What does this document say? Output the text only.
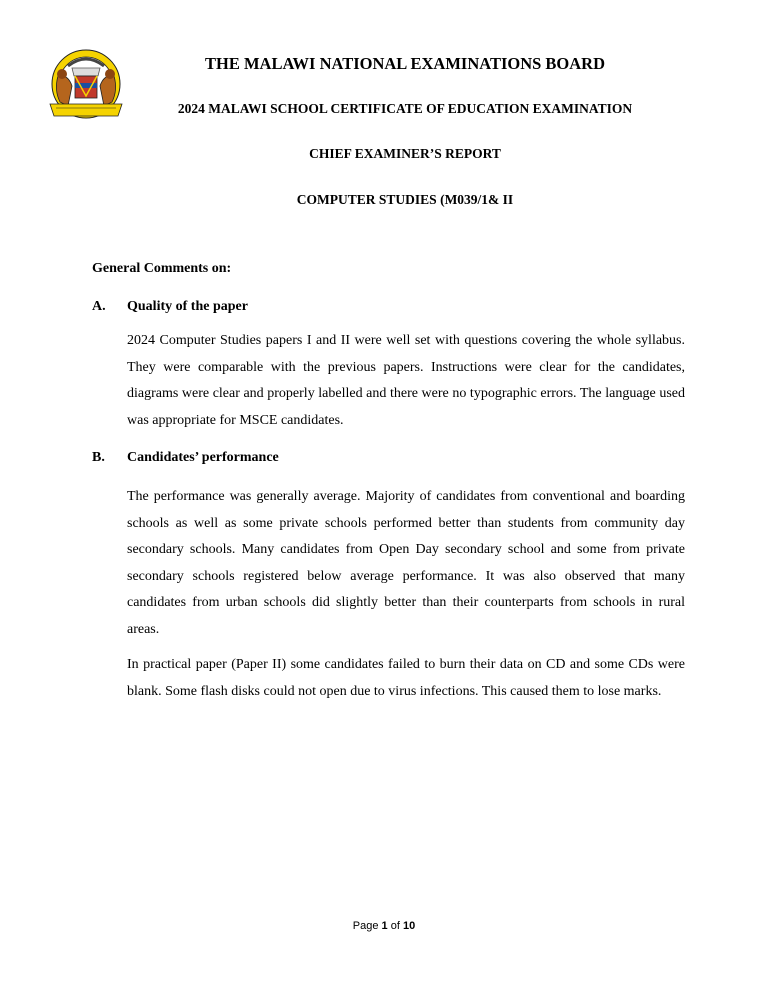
THE MALAWI NATIONAL EXAMINATIONS BOARD
2024 MALAWI SCHOOL CERTIFICATE OF EDUCATION EXAMINATION
CHIEF EXAMINER’S REPORT
COMPUTER STUDIES (M039/1& II
General Comments on:
A. Quality of the paper

2024 Computer Studies papers I and II were well set with questions covering the whole syllabus. They were comparable with the previous papers. Instructions were clear for the candidates, diagrams were clear and properly labelled and there were no typographic errors. The language used was appropriate for MSCE candidates.

B. Candidates’ performance

The performance was generally average. Majority of candidates from conventional and boarding schools as well as some private schools performed better than students from community day secondary schools. Many candidates from Open Day secondary school and some from private secondary schools registered below average performance. It was also observed that many candidates from urban schools did slightly better than their counterparts from schools in rural areas.

In practical paper (Paper II) some candidates failed to burn their data on CD and some CDs were blank. Some flash disks could not open due to virus infections. This caused them to lose marks.

Page 1 of 10
